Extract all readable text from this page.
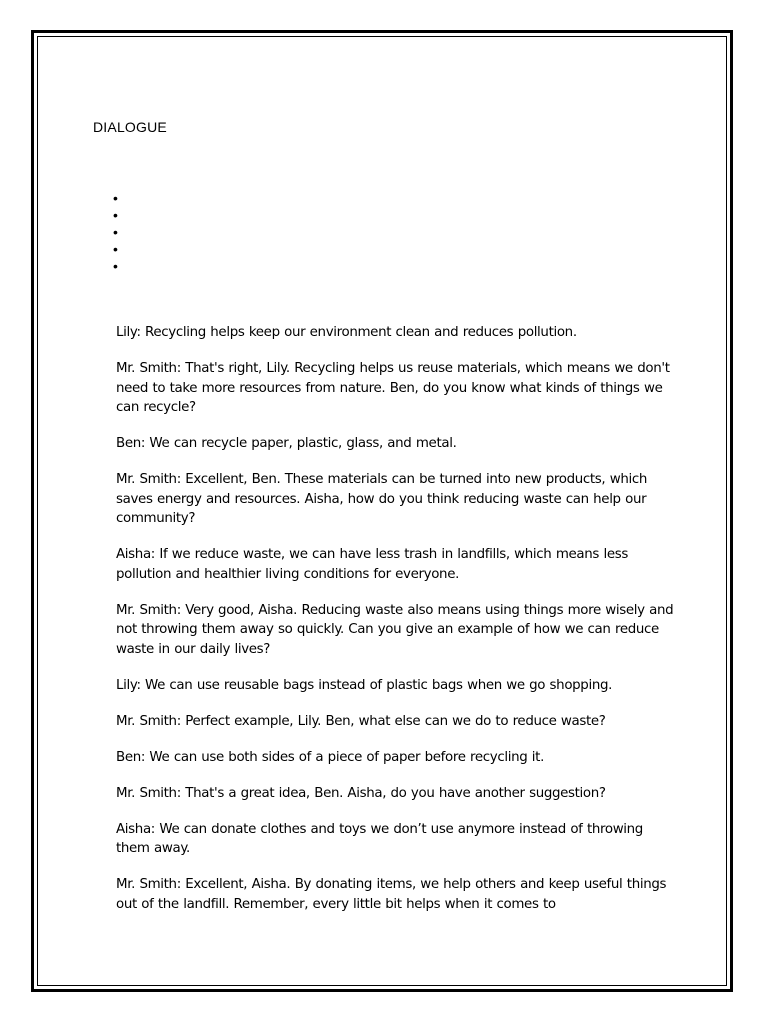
DIALOGUE
•
•
•
•
•

Lily: Recycling helps keep our environment clean and reduces pollution.

Mr. Smith: That's right, Lily. Recycling helps us reuse materials, which means we don't need to take more resources from nature. Ben, do you know what kinds of things we can recycle?

Ben: We can recycle paper, plastic, glass, and metal.

Mr. Smith: Excellent, Ben. These materials can be turned into new products, which saves energy and resources. Aisha, how do you think reducing waste can help our community?

Aisha: If we reduce waste, we can have less trash in landfills, which means less pollution and healthier living conditions for everyone.

Mr. Smith: Very good, Aisha. Reducing waste also means using things more wisely and not throwing them away so quickly. Can you give an example of how we can reduce waste in our daily lives?

Lily: We can use reusable bags instead of plastic bags when we go shopping.

Mr. Smith: Perfect example, Lily. Ben, what else can we do to reduce waste?

Ben: We can use both sides of a piece of paper before recycling it.

Mr. Smith: That's a great idea, Ben. Aisha, do you have another suggestion?

Aisha: We can donate clothes and toys we don’t use anymore instead of throwing them away.

Mr. Smith: Excellent, Aisha. By donating items, we help others and keep useful things out of the landfill. Remember, every little bit helps when it comes to
